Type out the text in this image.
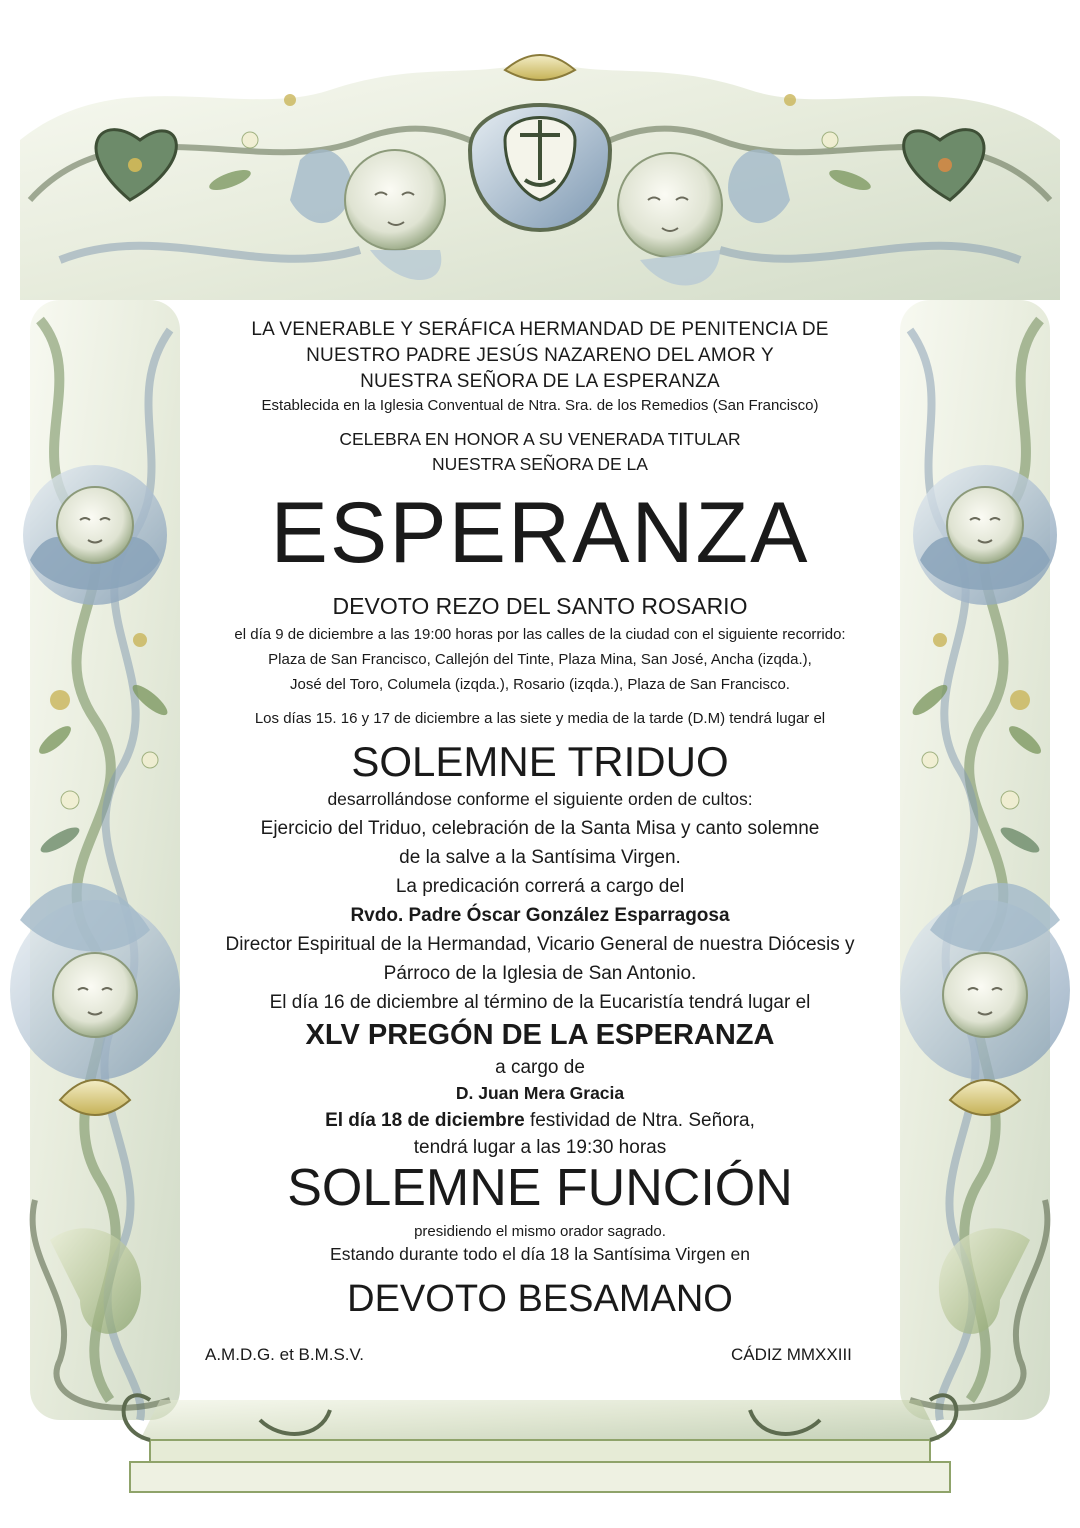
LA VENERABLE Y SERÁFICA HERMANDAD DE PENITENCIA DE
NUESTRO PADRE JESÚS NAZARENO DEL AMOR Y
NUESTRA SEÑORA DE LA ESPERANZA
Establecida en la Iglesia Conventual de Ntra. Sra. de los Remedios (San Francisco)
CELEBRA EN HONOR A SU VENERADA TITULAR
NUESTRA SEÑORA DE LA
ESPERANZA
DEVOTO REZO DEL SANTO ROSARIO
el día 9 de diciembre a las 19:00 horas por las calles de la ciudad con el siguiente recorrido:
Plaza de San Francisco, Callejón del Tinte, Plaza Mina, San José, Ancha (izqda.),
José del Toro, Columela (izqda.), Rosario (izqda.), Plaza de San Francisco.
Los días 15. 16 y 17 de diciembre a las siete y media de la tarde (D.M) tendrá lugar el
SOLEMNE TRIDUO
desarrollándose conforme el siguiente orden de cultos:
Ejercicio del Triduo, celebración de la Santa Misa y canto solemne
de la salve a la Santísima Virgen.
La predicación correrá a cargo del
Rvdo. Padre Óscar González Esparragosa
Director Espiritual de la Hermandad, Vicario General de nuestra Diócesis y
Párroco de la Iglesia de San Antonio.
El día 16 de diciembre al término de la Eucaristía tendrá lugar el
XLV PREGÓN DE LA ESPERANZA
a cargo de
D. Juan Mera Gracia
El día 18 de diciembre festividad de Ntra. Señora,
tendrá lugar a las 19:30 horas
SOLEMNE FUNCIÓN
presidiendo el mismo orador sagrado.
Estando durante todo el día 18 la Santísima Virgen en
DEVOTO BESAMANO
A.M.D.G. et B.M.S.V.	CÁDIZ MMXXIII
